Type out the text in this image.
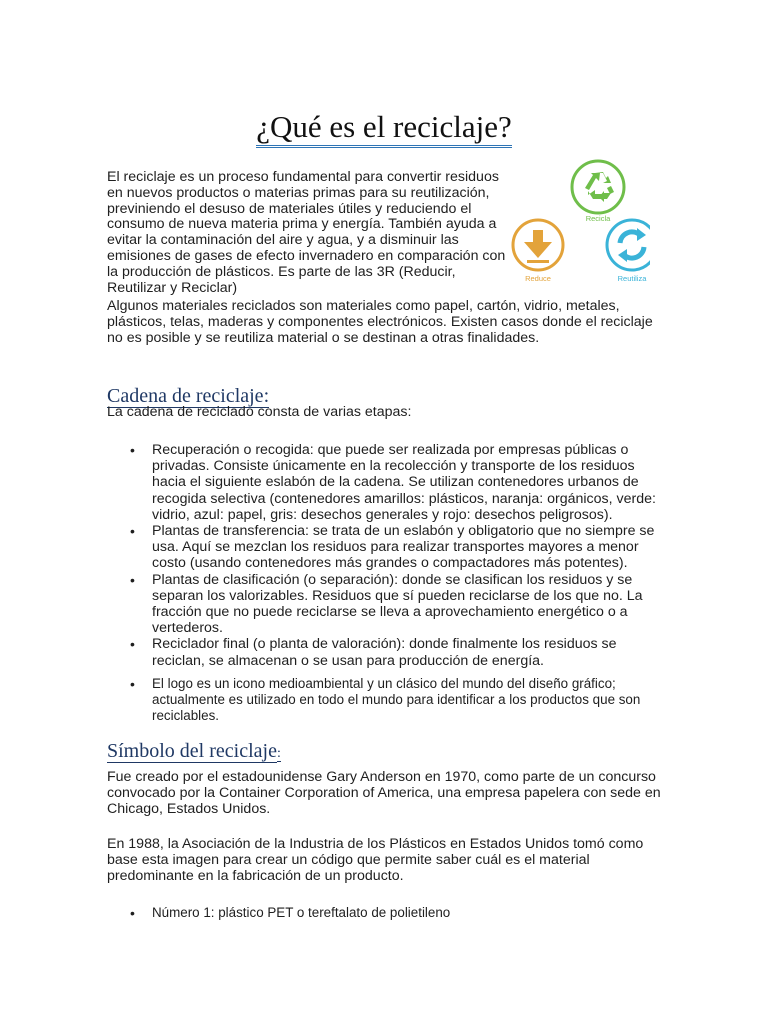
¿Qué es el reciclaje?

El reciclaje es un proceso fundamental para convertir residuos en nuevos productos o materias primas para su reutilización, previniendo el desuso de materiales útiles y reduciendo el consumo de nueva materia prima y energía. También ayuda a evitar la contaminación del aire y agua, y a disminuir las emisiones de gases de efecto invernadero en comparación con la producción de plásticos. Es parte de las 3R (Reducir, Reutilizar y Reciclar)

Recicla
Reduce	Reutiliza

Algunos materiales reciclados son materiales como papel, cartón, vidrio, metales, plásticos, telas, maderas y componentes electrónicos. Existen casos donde el reciclaje no es posible y se reutiliza material o se destinan a otras finalidades.

Cadena de reciclaje:

La cadena de reciclado consta de varias etapas:

• Recuperación o recogida: que puede ser realizada por empresas públicas o privadas. Consiste únicamente en la recolección y transporte de los residuos hacia el siguiente eslabón de la cadena. Se utilizan contenedores urbanos de recogida selectiva (contenedores amarillos: plásticos, naranja: orgánicos, verde: vidrio, azul: papel, gris: desechos generales y rojo: desechos peligrosos).
• Plantas de transferencia: se trata de un eslabón y obligatorio que no siempre se usa. Aquí se mezclan los residuos para realizar transportes mayores a menor costo (usando contenedores más grandes o compactadores más potentes).
• Plantas de clasificación (o separación): donde se clasifican los residuos y se separan los valorizables. Residuos que sí pueden reciclarse de los que no. La fracción que no puede reciclarse se lleva a aprovechamiento energético o a vertederos.
• Reciclador final (o planta de valoración): donde finalmente los residuos se reciclan, se almacenan o se usan para producción de energía.
• El logo es un icono medioambiental y un clásico del mundo del diseño gráfico; actualmente es utilizado en todo el mundo para identificar a los productos que son reciclables.
Símbolo del reciclaje:

Fue creado por el estadounidense Gary Anderson en 1970, como parte de un concurso convocado por la Container Corporation of America, una empresa papelera con sede en Chicago, Estados Unidos.

En 1988, la Asociación de la Industria de los Plásticos en Estados Unidos tomó como base esta imagen para crear un código que permite saber cuál es el material predominante en la fabricación de un producto.

• Número 1: plástico PET o tereftalato de polietileno
